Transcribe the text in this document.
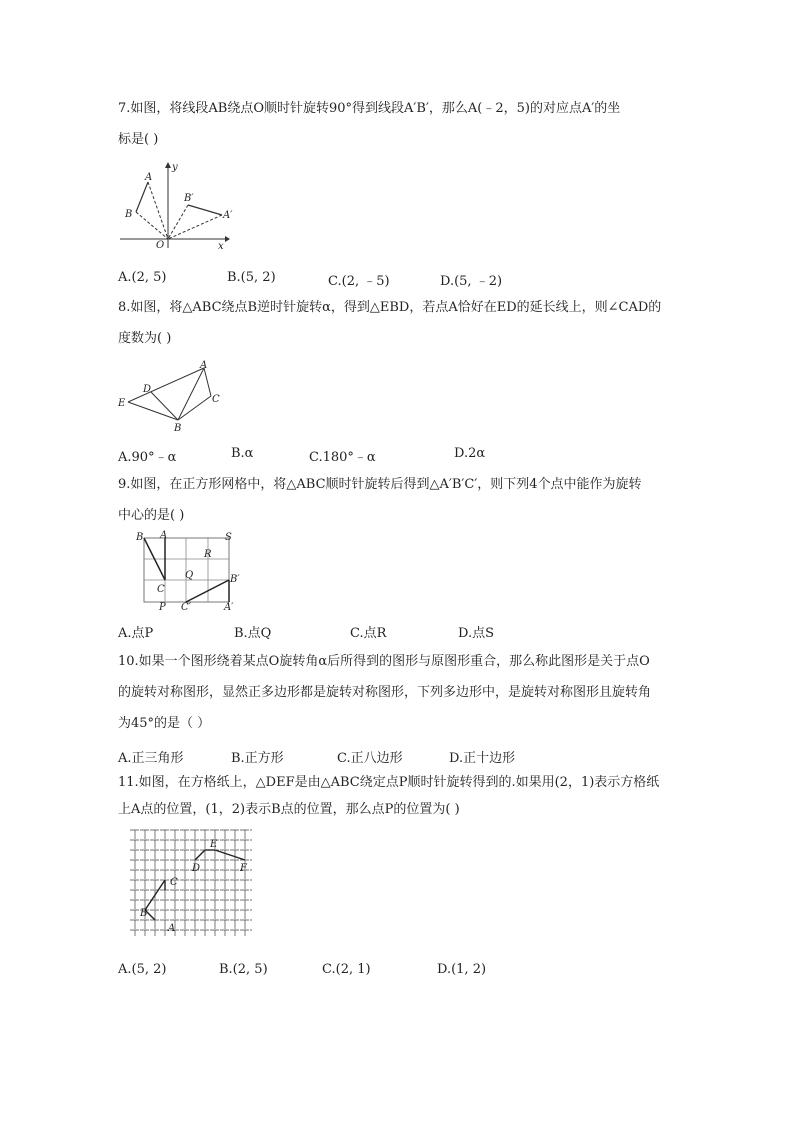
7.如图，将线段AB绕点O顺时针旋转90°得到线段A′B′，那么A(﹣2，5)的对应点A′的坐
标是( )
A
B
B′
A′
O	x
y
A.(2, 5)	B.(5, 2)	C.(2, ﹣5)	D.(5, ﹣2)
8.如图，将△ABC绕点B逆时针旋转α，得到△EBD，若点A恰好在ED的延长线上，则∠CAD的
度数为( )
A
D
E	C
B
A.90°﹣α	B.α	C.180°﹣α	D.2α
9.如图，在正方形网格中，将△ABC顺时针旋转后得到△A′B′C′，则下列4个点中能作为旋转
中心的是( )
B A	S
R
Q
C
B′
C′
P	A′
A.点P	B.点Q	C.点R	D.点S
10.如果一个图形绕着某点O旋转角α后所得到的图形与原图形重合，那么称此图形是关于点O
的旋转对称图形，显然正多边形都是旋转对称图形，下列多边形中，是旋转对称图形且旋转角
为45°的是（ ）
A.正三角形	B.正方形	C.正八边形	D.正十边形
11.如图，在方格纸上，△DEF是由△ABC绕定点P顺时针旋转得到的.如果用(2，1)表示方格纸
上A点的位置，(1，2)表示B点的位置，那么点P的位置为( )
A
B
C
D
E
F
A.(5, 2)	B.(2, 5)	C.(2, 1)	D.(1, 2)
